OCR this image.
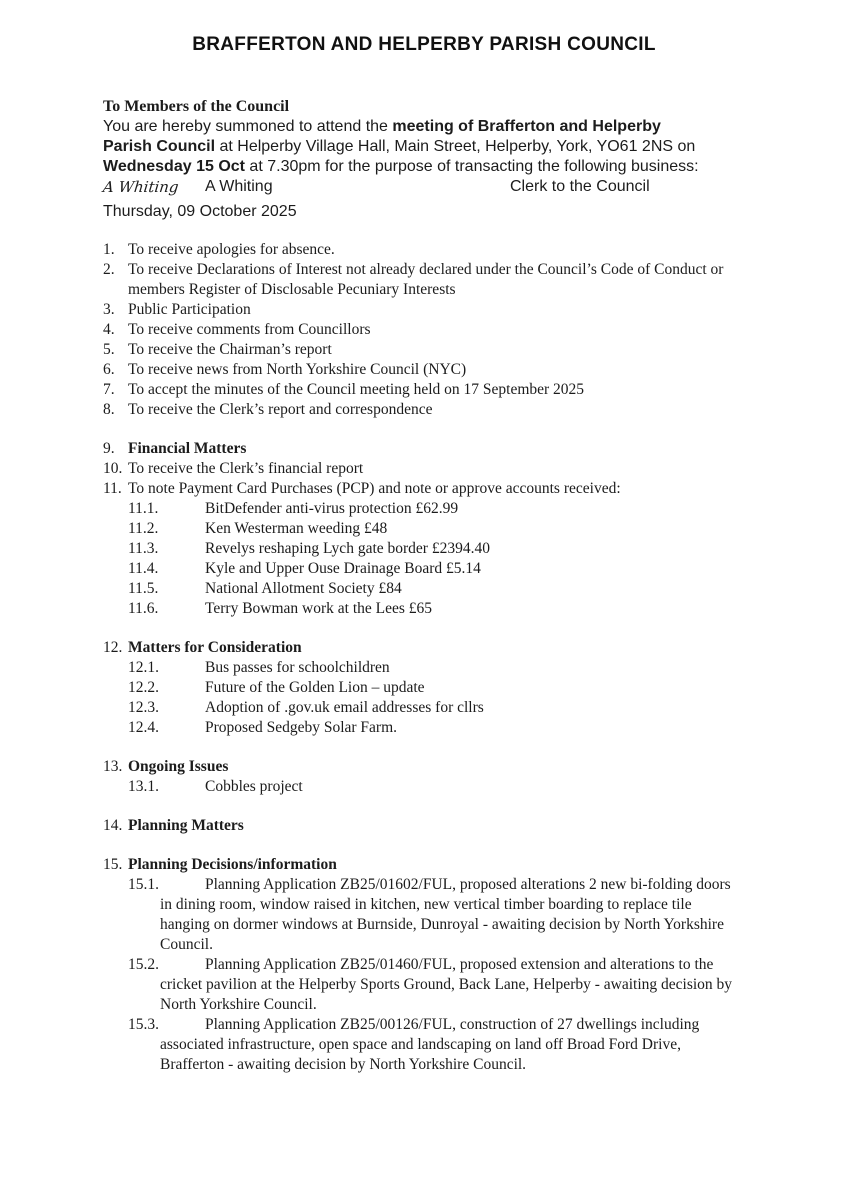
BRAFFERTON AND HELPERBY PARISH COUNCIL
To Members of the Council
You are hereby summoned to attend the meeting of Brafferton and Helperby
Parish Council at Helperby Village Hall, Main Street, Helperby, York, YO61 2NS on
Wednesday 15 Oct at 7.30pm for the purpose of transacting the following business:
A Whiting A Whiting	Clerk to the Council
Thursday, 09 October 2025
1. To receive apologies for absence.
2. To receive Declarations of Interest not already declared under the Council’s Code of Conduct or members Register of Disclosable Pecuniary Interests
3. Public Participation
4. To receive comments from Councillors
5. To receive the Chairman’s report
6. To receive news from North Yorkshire Council (NYC)
7. To accept the minutes of the Council meeting held on 17 September 2025
8. To receive the Clerk’s report and correspondence
9. Financial Matters
10. To receive the Clerk’s financial report
11. To note Payment Card Purchases (PCP) and note or approve accounts received:
11.1.	BitDefender anti-virus protection £62.99
11.2.	Ken Westerman weeding £48
11.3.	Revelys reshaping Lych gate border £2394.40
11.4.	Kyle and Upper Ouse Drainage Board £5.14
11.5.	National Allotment Society £84
11.6.	Terry Bowman work at the Lees £65
12. Matters for Consideration
12.1.	Bus passes for schoolchildren
12.2.	Future of the Golden Lion – update
12.3.	Adoption of .gov.uk email addresses for cllrs
12.4.	Proposed Sedgeby Solar Farm.
13. Ongoing Issues
13.1.	Cobbles project
14. Planning Matters
15. Planning Decisions/information
15.1.	Planning Application ZB25/01602/FUL, proposed alterations 2 new bi-folding doors in dining room, window raised in kitchen, new vertical timber boarding to replace tile hanging on dormer windows at Burnside, Dunroyal - awaiting decision by North Yorkshire Council.
15.2.	Planning Application ZB25/01460/FUL, proposed extension and alterations to the cricket pavilion at the Helperby Sports Ground, Back Lane, Helperby - awaiting decision by North Yorkshire Council.
15.3.	Planning Application ZB25/00126/FUL, construction of 27 dwellings including associated infrastructure, open space and landscaping on land off Broad Ford Drive, Brafferton - awaiting decision by North Yorkshire Council.
